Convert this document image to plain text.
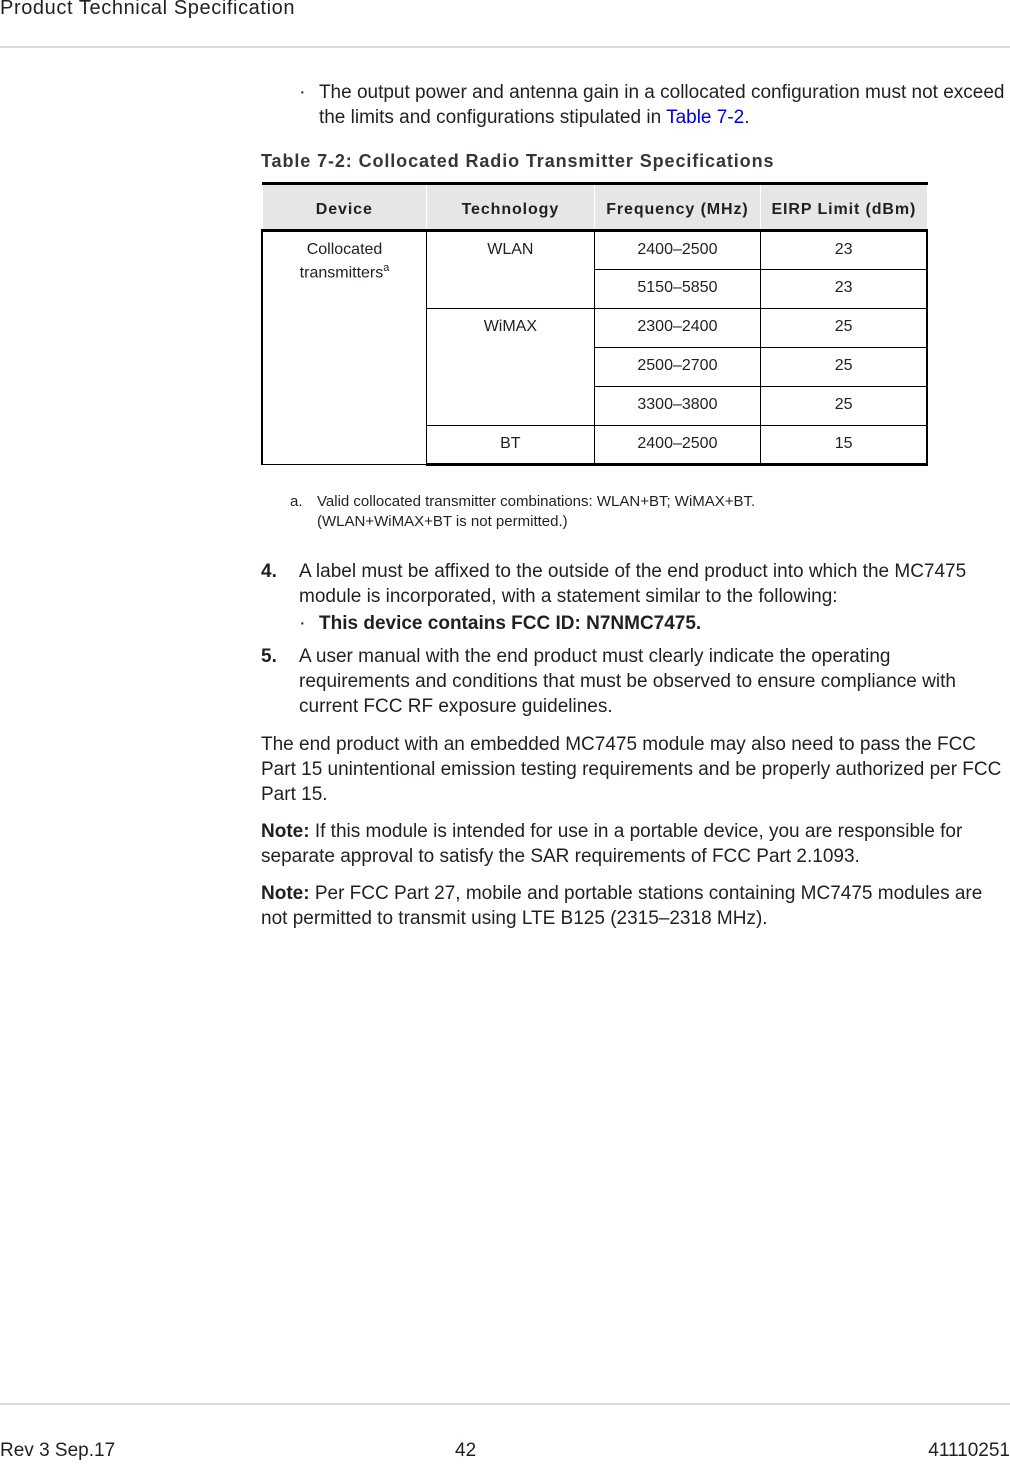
Product Technical Specification
· The output power and antenna gain in a collocated configuration must not exceed the limits and configurations stipulated in Table 7-2.
Table 7-2: Collocated Radio Transmitter Specifications
Device	Technology	Frequency (MHz)	EIRP Limit (dBm)
Collocated transmitters$^a$	WLAN	2400–2500	23
		5150–5850	23
	WiMAX	2300–2400	25
		2500–2700	25
		3300–3800	25
	BT	2400–2500	15
a. Valid collocated transmitter combinations: WLAN+BT; WiMAX+BT.
(WLAN+WiMAX+BT is not permitted.)
4.	A label must be affixed to the outside of the end product into which the MC7475 module is incorporated, with a statement similar to the following:
· This device contains FCC ID: N7NMC7475.
5.	A user manual with the end product must clearly indicate the operating requirements and conditions that must be observed to ensure compliance with current FCC RF exposure guidelines.
The end product with an embedded MC7475 module may also need to pass the FCC Part 15 unintentional emission testing requirements and be properly authorized per FCC Part 15.
Note: If this module is intended for use in a portable device, you are responsible for separate approval to satisfy the SAR requirements of FCC Part 2.1093.
Note: Per FCC Part 27, mobile and portable stations containing MC7475 modules are not permitted to transmit using LTE B125 (2315–2318 MHz).
Rev 3 Sep.17	42	41110251
